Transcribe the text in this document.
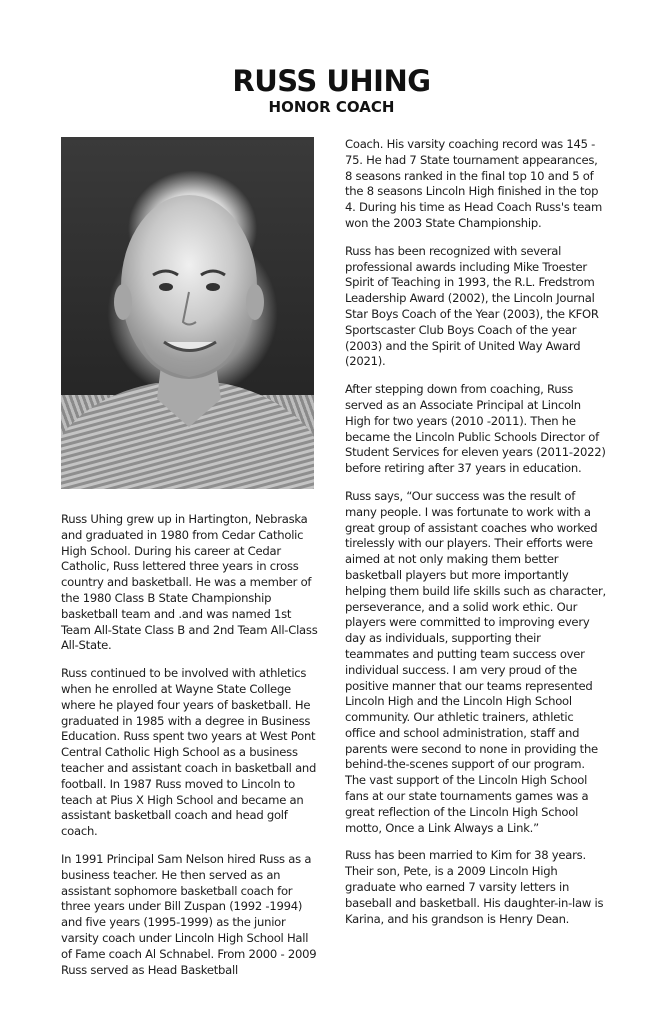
RUSS UHING
HONOR COACH

Russ Uhing grew up in Hartington, Nebraska and graduated in 1980 from Cedar Catholic High School. During his career at Cedar Catholic, Russ lettered three years in cross country and basketball. He was a member of the 1980 Class B State Championship basketball team and .and was named 1st Team All-State Class B and 2nd Team All-Class All-State.

Russ continued to be involved with athletics when he enrolled at Wayne State College where he played four years of basketball. He graduated in 1985 with a degree in Business Education. Russ spent two years at West Pont Central Catholic High School as a business teacher and assistant coach in basketball and football. In 1987 Russ moved to Lincoln to teach at Pius X High School and became an assistant basketball coach and head golf coach.

In 1991 Principal Sam Nelson hired Russ as a business teacher. He then served as an assistant sophomore basketball coach for three years under Bill Zuspan (1992 -1994) and five years (1995-1999) as the junior varsity coach under Lincoln High School Hall of Fame coach Al Schnabel. From 2000 - 2009 Russ served as Head Basketball

Coach. His varsity coaching record was 145 - 75. He had 7 State tournament appearances, 8 seasons ranked in the final top 10 and 5 of the 8 seasons Lincoln High finished in the top 4. During his time as Head Coach Russ's team won the 2003 State Championship.

Russ has been recognized with several professional awards including Mike Troester Spirit of Teaching in 1993, the R.L. Fredstrom Leadership Award (2002), the Lincoln Journal Star Boys Coach of the Year (2003), the KFOR Sportscaster Club Boys Coach of the year (2003) and the Spirit of United Way Award (2021).

After stepping down from coaching, Russ served as an Associate Principal at Lincoln High for two years (2010 -2011). Then he became the Lincoln Public Schools Director of Student Services for eleven years (2011-2022) before retiring after 37 years in education.

Russ says, “Our success was the result of many people. I was fortunate to work with a great group of assistant coaches who worked tirelessly with our players. Their efforts were aimed at not only making them better basketball players but more importantly helping them build life skills such as character, perseverance, and a solid work ethic. Our players were committed to improving every day as individuals, supporting their teammates and putting team success over individual success. I am very proud of the positive manner that our teams represented Lincoln High and the Lincoln High School community. Our athletic trainers, athletic office and school administration, staff and parents were second to none in providing the behind-the-scenes support of our program. The vast support of the Lincoln High School fans at our state tournaments games was a great reflection of the Lincoln High School motto, Once a Link Always a Link.”

Russ has been married to Kim for 38 years. Their son, Pete, is a 2009 Lincoln High graduate who earned 7 varsity letters in baseball and basketball. His daughter-in-law is Karina, and his grandson is Henry Dean.
